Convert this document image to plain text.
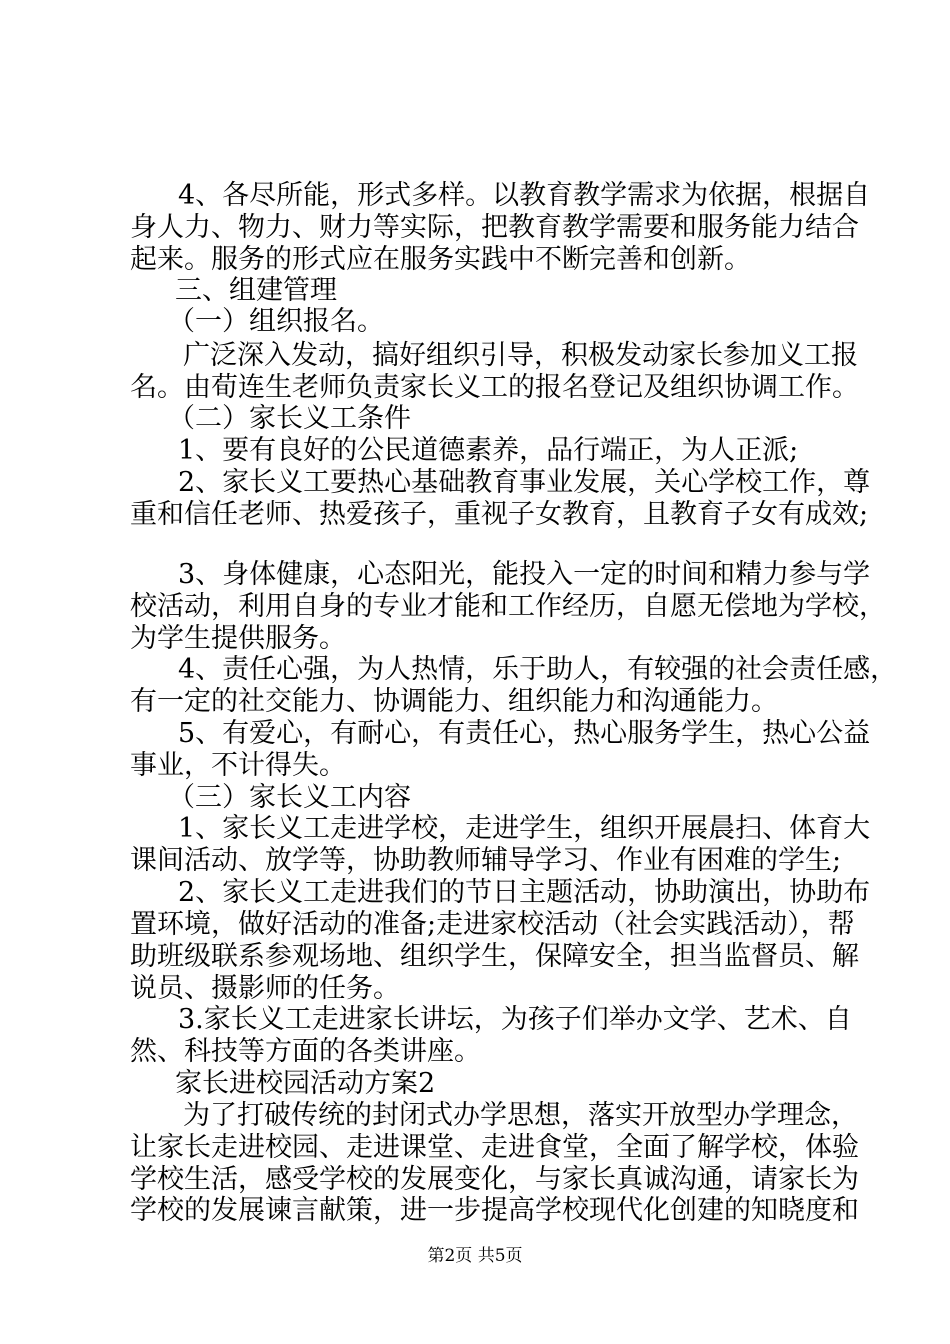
4、各尽所能，形式多样。以教育教学需求为依据，根据自
身人力、物力、财力等实际，把教育教学需要和服务能力结合
起来。服务的形式应在服务实践中不断完善和创新。
三、组建管理
（一）组织报名。
广泛深入发动，搞好组织引导，积极发动家长参加义工报
名。由荀连生老师负责家长义工的报名登记及组织协调工作。
（二）家长义工条件
1、要有良好的公民道德素养，品行端正，为人正派;
2、家长义工要热心基础教育事业发展，关心学校工作，尊
重和信任老师、热爱孩子，重视子女教育，且教育子女有成效;
3、身体健康，心态阳光，能投入一定的时间和精力参与学
校活动，利用自身的专业才能和工作经历，自愿无偿地为学校，
为学生提供服务。
4、责任心强，为人热情，乐于助人，有较强的社会责任感，
有一定的社交能力、协调能力、组织能力和沟通能力。
5、有爱心，有耐心，有责任心，热心服务学生，热心公益
事业，不计得失。
（三）家长义工内容
1、家长义工走进学校，走进学生，组织开展晨扫、体育大
课间活动、放学等，协助教师辅导学习、作业有困难的学生;
2、家长义工走进我们的节日主题活动，协助演出，协助布
置环境，做好活动的准备;走进家校活动（社会实践活动），帮
助班级联系参观场地、组织学生，保障安全，担当监督员、解
说员、摄影师的任务。
3.家长义工走进家长讲坛，为孩子们举办文学、艺术、自
然、科技等方面的各类讲座。
家长进校园活动方案2
为了打破传统的封闭式办学思想，落实开放型办学理念，
让家长走进校园、走进课堂、走进食堂，全面了解学校，体验
学校生活，感受学校的发展变化，与家长真诚沟通，请家长为
学校的发展谏言献策，进一步提高学校现代化创建的知晓度和
第2页 共5页
